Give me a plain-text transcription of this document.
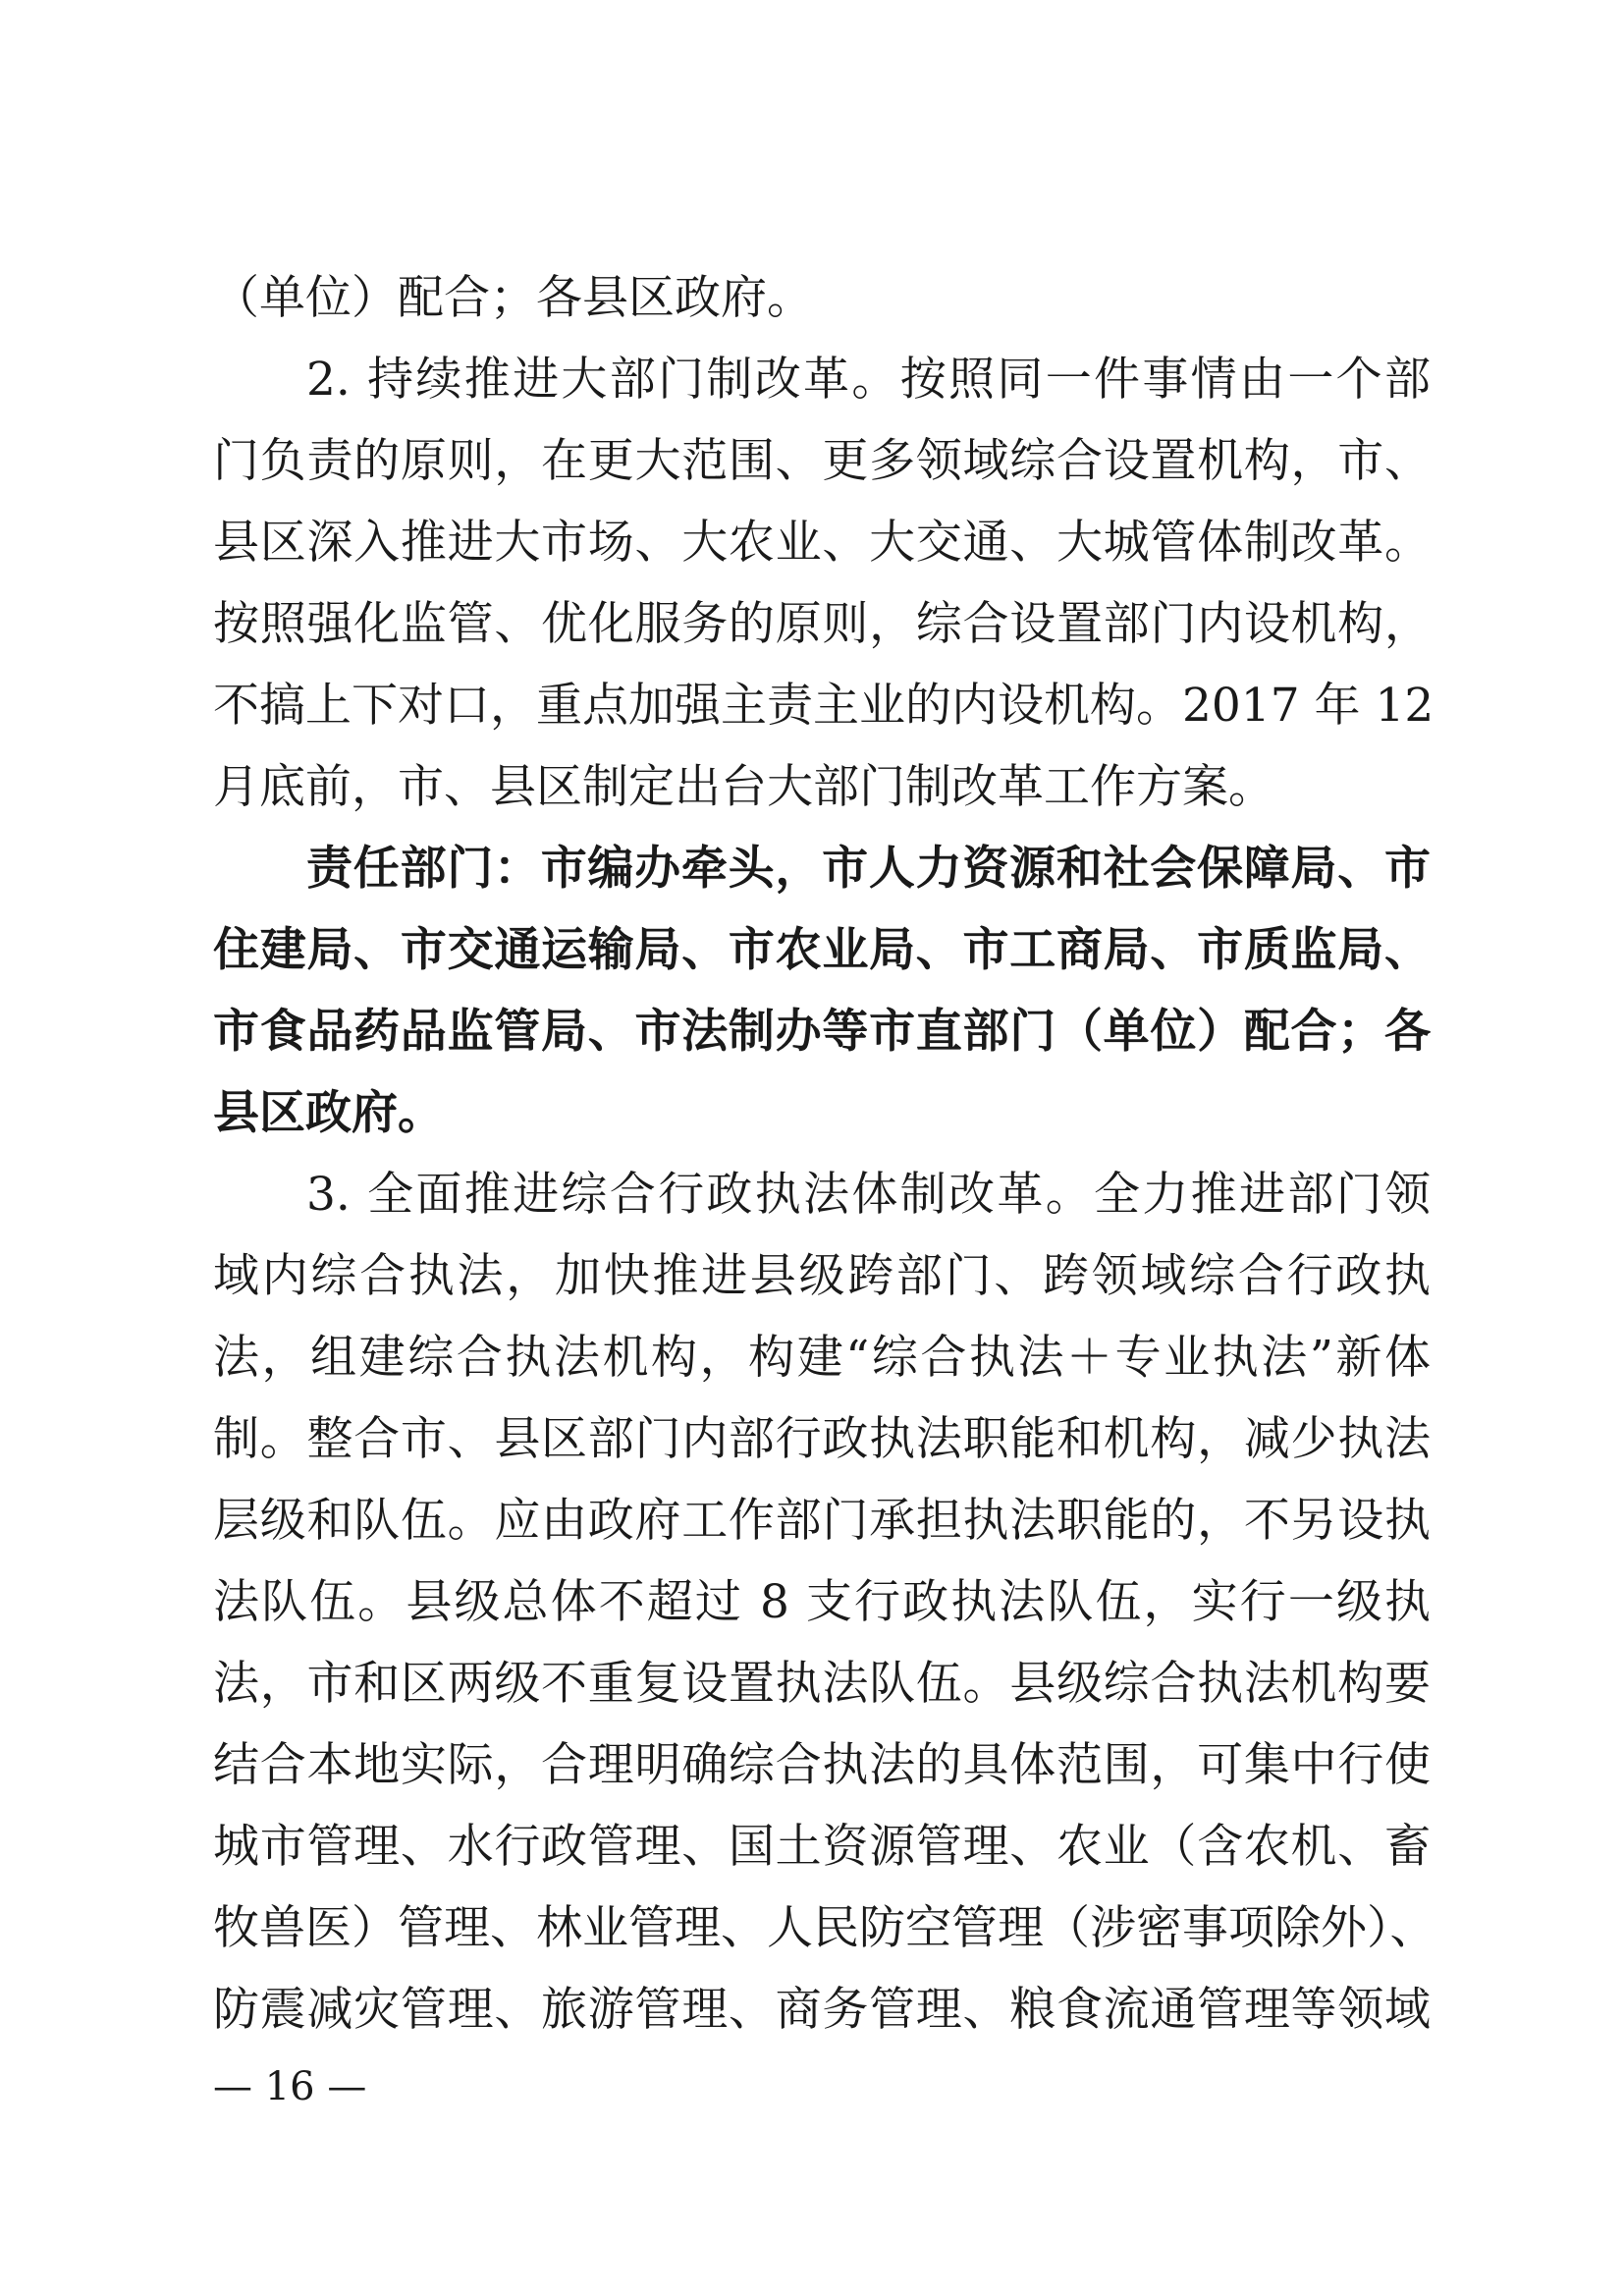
（单位）配合；各县区政府。
2. 持续推进大部门制改革。按照同一件事情由一个部
门负责的原则，在更大范围、更多领域综合设置机构，市、
县区深入推进大市场、大农业、大交通、大城管体制改革。
按照强化监管、优化服务的原则，综合设置部门内设机构，
不搞上下对口，重点加强主责主业的内设机构。2017 年 12
月底前，市、县区制定出台大部门制改革工作方案。
责任部门：市编办牵头，市人力资源和社会保障局、市
住建局、市交通运输局、市农业局、市工商局、市质监局、
市食品药品监管局、市法制办等市直部门（单位）配合；各
县区政府。
3. 全面推进综合行政执法体制改革。全力推进部门领
域内综合执法，加快推进县级跨部门、跨领域综合行政执
法，组建综合执法机构，构建“综合执法＋专业执法”新体
制。整合市、县区部门内部行政执法职能和机构，减少执法
层级和队伍。应由政府工作部门承担执法职能的，不另设执
法队伍。县级总体不超过 8 支行政执法队伍，实行一级执
法，市和区两级不重复设置执法队伍。县级综合执法机构要
结合本地实际，合理明确综合执法的具体范围，可集中行使
城市管理、水行政管理、国土资源管理、农业（含农机、畜
牧兽医）管理、林业管理、人民防空管理（涉密事项除外）、
防震减灾管理、旅游管理、商务管理、粮食流通管理等领域
— 16 —
